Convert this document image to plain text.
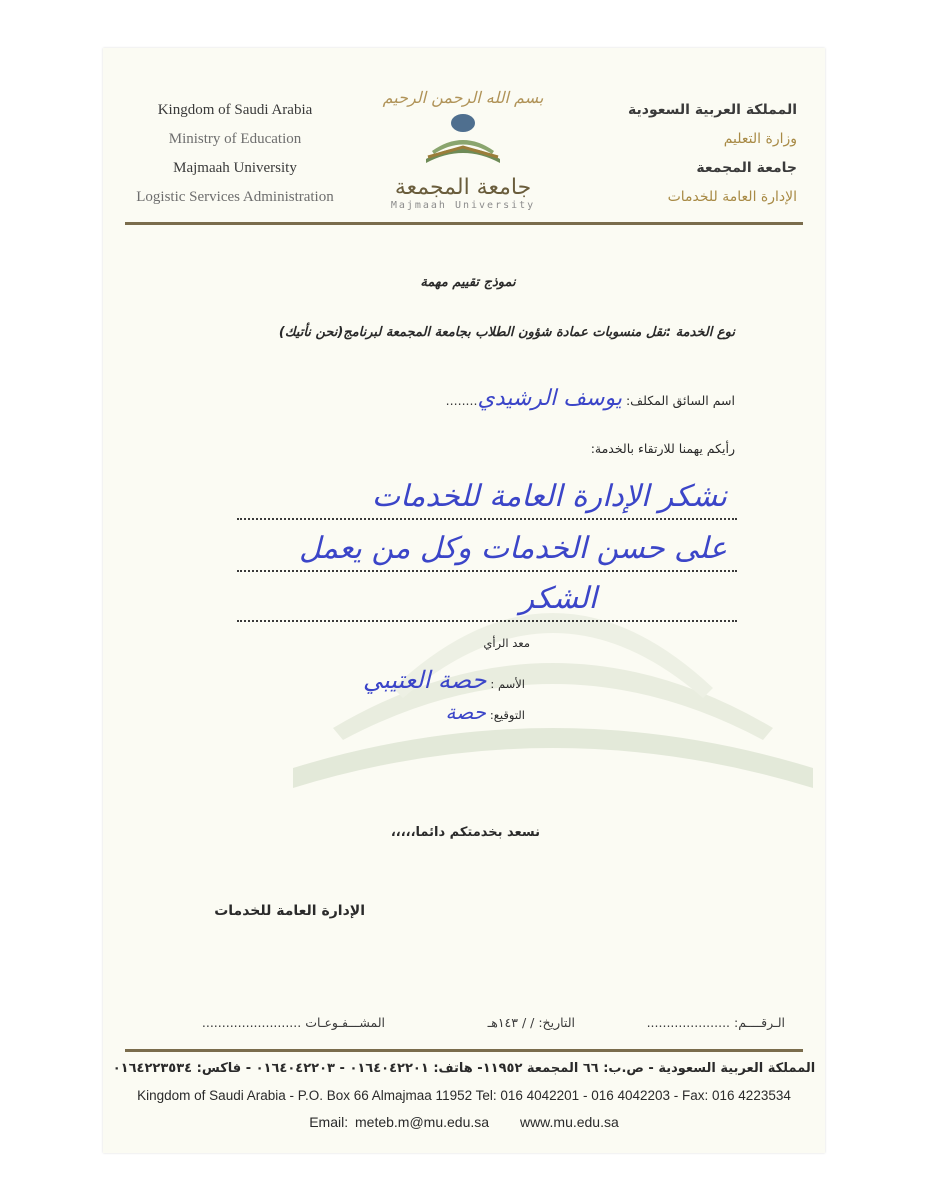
Kingdom of Saudi Arabia
Ministry of Education
Majmaah University
Logistic Services Administration
بسم الله الرحمن الرحيم
جامعة المجمعة
Majmaah University
المملكة العربية السعودية
وزارة التعليم
جامعة المجمعة
الإدارة العامة للخدمات
نموذج تقييم مهمة
نوع الخدمة :نقل منسوبات عمادة شؤون الطلاب بجامعة المجمعة لبرنامج(نحن نأتيك)
اسم السائق المكلف: يوسف الرشيدي........
رأيكم يهمنا للارتقاء بالخدمة:
نشكر الإدارة العامة للخدمات
على حسن الخدمات وكل من يعمل
الشكر
معد الرأي
الأسم : حصة العتيبي
التوقيع: حصة
نسعد بخدمتكم دائما،،،،،
الإدارة العامة للخدمات
الـرقــــم: .....................
التاريخ: / / ١٤٣هـ
المشـــفـوعـات .........................
المملكة العربية السعودية - ص.ب: ٦٦ المجمعة ١١٩٥٢- هاتف: ٠١٦٤٠٤٢٢٠١ - ٠١٦٤٠٤٢٢٠٣ - فاكس: ٠١٦٤٢٢٣٥٣٤
Kingdom of Saudi Arabia - P.O. Box 66 Almajmaa 11952 Tel: 016 4042201 - 016 4042203 - Fax: 016 4223534
Email: meteb.m@mu.edu.sa www.mu.edu.sa
